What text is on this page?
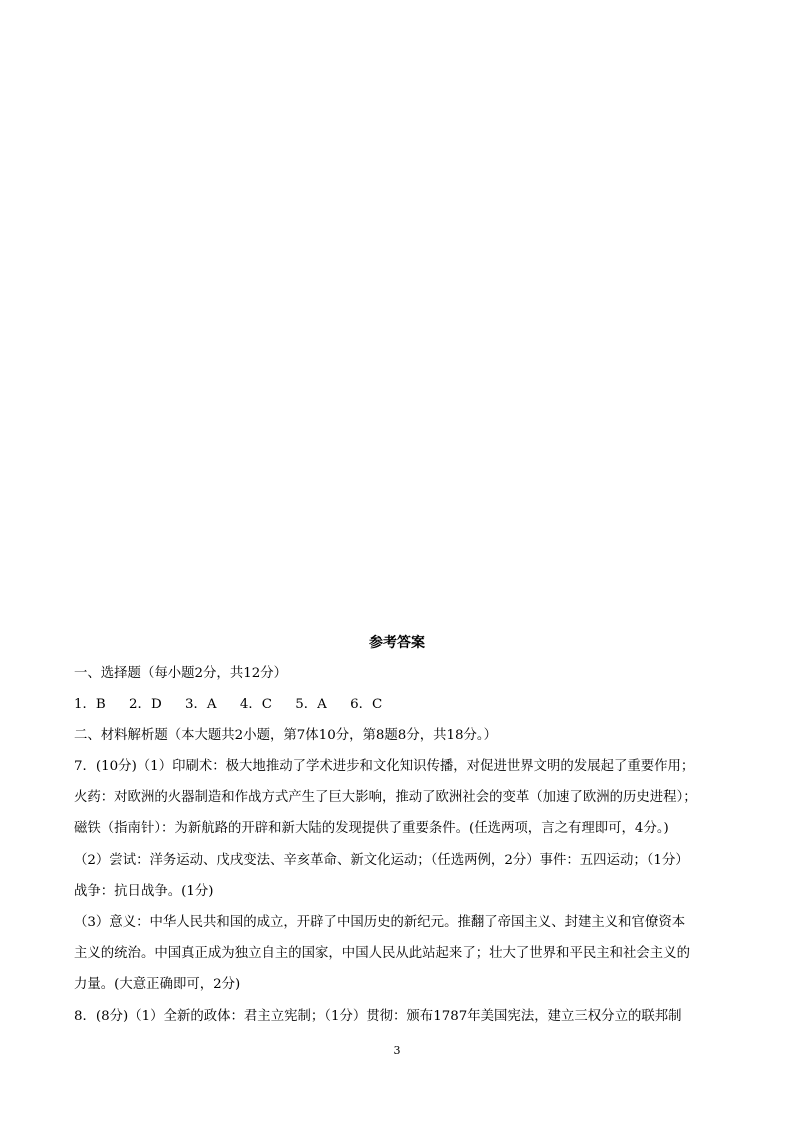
参考答案
一、选择题（每小题2分，共12分）
1．B 2．D 3．A 4．C 5．A 6．C
二、材料解析题（本大题共2小题，第7体10分，第8题8分，共18分。）
7．(10分)（1）印刷术：极大地推动了学术进步和文化知识传播，对促进世界文明的发展起了重要作用；
火药：对欧洲的火器制造和作战方式产生了巨大影响，推动了欧洲社会的变革（加速了欧洲的历史进程）；
磁铁（指南针）：为新航路的开辟和新大陆的发现提供了重要条件。(任选两项，言之有理即可，4分。)
（2）尝试：洋务运动、戊戌变法、辛亥革命、新文化运动；（任选两例，2分）事件：五四运动；（1分）
战争：抗日战争。(1分)
（3）意义：中华人民共和国的成立，开辟了中国历史的新纪元。推翻了帝国主义、封建主义和官僚资本
主义的统治。中国真正成为独立自主的国家，中国人民从此站起来了；壮大了世界和平民主和社会主义的
力量。(大意正确即可，2分)
8．(8分)（1）全新的政体：君主立宪制；（1分）贯彻：颁布1787年美国宪法，建立三权分立的联邦制
3
